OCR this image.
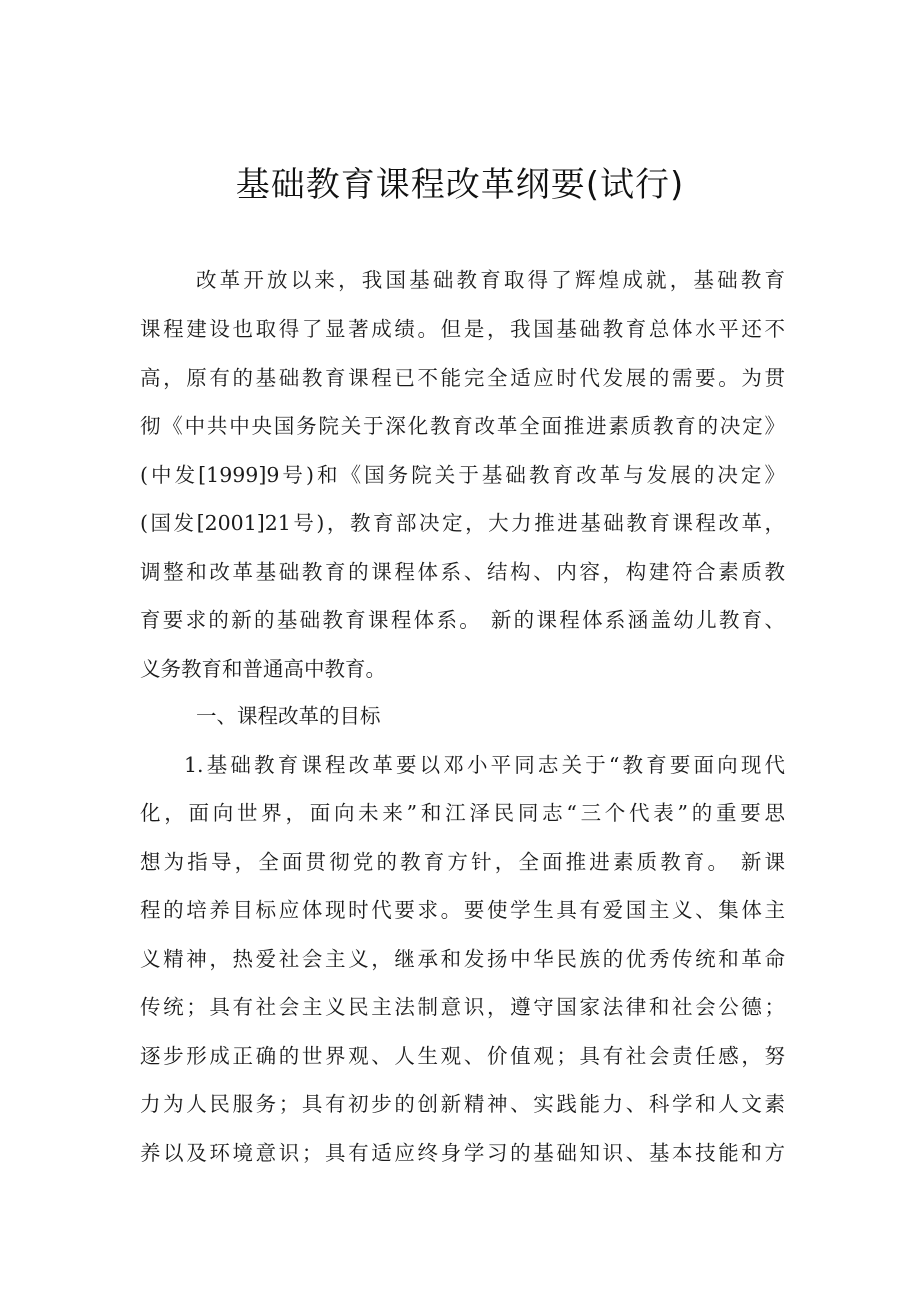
基础教育课程改革纲要(试行)

改革开放以来，我国基础教育取得了辉煌成就，基础教育

课程建设也取得了显著成绩。但是，我国基础教育总体水平还不

高，原有的基础教育课程已不能完全适应时代发展的需要。为贯

彻《中共中央国务院关于深化教育改革全面推进素质教育的决定》

(中发[1999]9号)和《国务院关于基础教育改革与发展的决定》

(国发[2001]21号)，教育部决定，大力推进基础教育课程改革，

调整和改革基础教育的课程体系、结构、内容，构建符合素质教

育要求的新的基础教育课程体系。 新的课程体系涵盖幼儿教育、

义务教育和普通高中教育。

一、课程改革的目标

1.基础教育课程改革要以邓小平同志关于“教育要面向现代

化，面向世界，面向未来”和江泽民同志“三个代表”的重要思

想为指导，全面贯彻党的教育方针，全面推进素质教育。 新课

程的培养目标应体现时代要求。要使学生具有爱国主义、集体主

义精神，热爱社会主义，继承和发扬中华民族的优秀传统和革命

传统；具有社会主义民主法制意识，遵守国家法律和社会公德；

逐步形成正确的世界观、人生观、价值观；具有社会责任感，努

力为人民服务；具有初步的创新精神、实践能力、科学和人文素

养以及环境意识；具有适应终身学习的基础知识、基本技能和方
